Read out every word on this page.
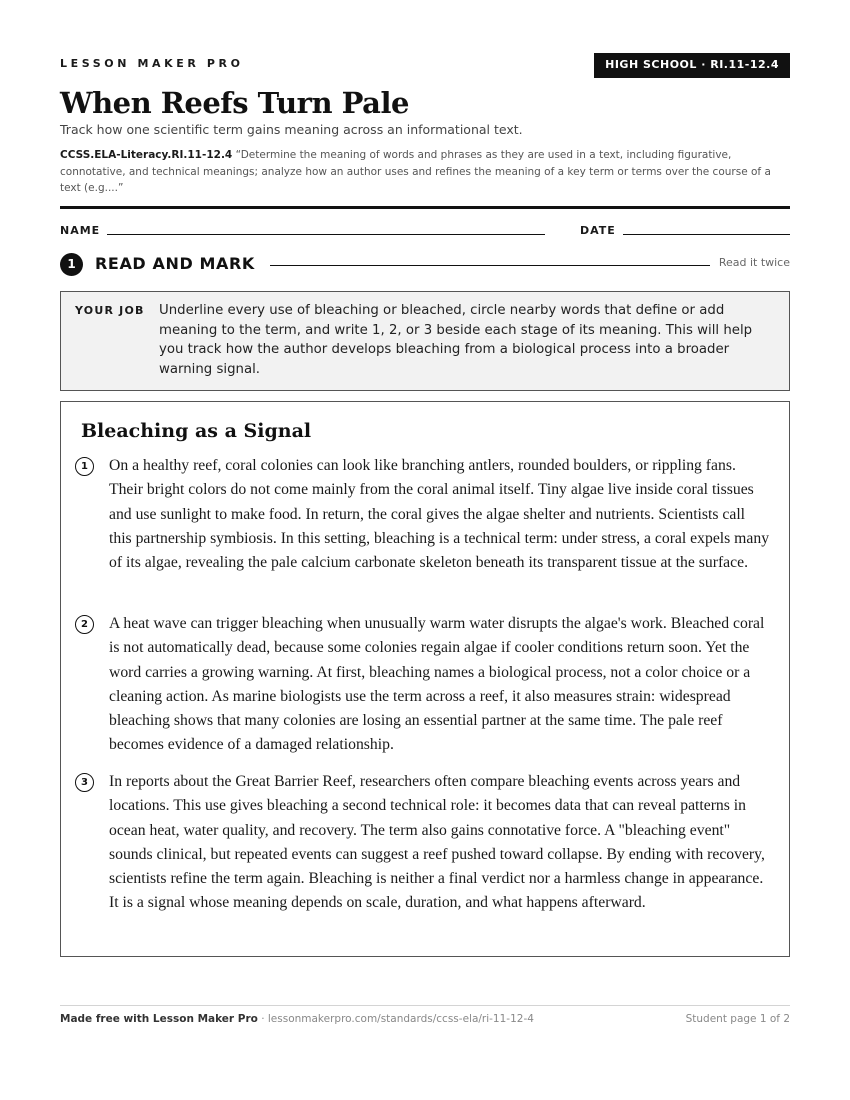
LESSON MAKER PRO	HIGH SCHOOL · RI.11-12.4
When Reefs Turn Pale
Track how one scientific term gains meaning across an informational text.
CCSS.ELA-Literacy.RI.11-12.4 “Determine the meaning of words and phrases as they are used in a text, including figurative, connotative, and technical meanings; analyze how an author uses and refines the meaning of a key term or terms over the course of a text (e.g....”
NAME	DATE
1	READ AND MARK	Read it twice
YOUR JOB Underline every use of bleaching or bleached, circle nearby words that define or add meaning to the term, and write 1, 2, or 3 beside each stage of its meaning. This will help you track how the author develops bleaching from a biological process into a broader warning signal.
Bleaching as a Signal
1	On a healthy reef, coral colonies can look like branching antlers, rounded boulders, or rippling fans. Their bright colors do not come mainly from the coral animal itself. Tiny algae live inside coral tissues and use sunlight to make food. In return, the coral gives the algae shelter and nutrients. Scientists call this partnership symbiosis. In this setting, bleaching is a technical term: under stress, a coral expels many of its algae, revealing the pale calcium carbonate skeleton beneath its transparent tissue at the surface.
2	A heat wave can trigger bleaching when unusually warm water disrupts the algae's work. Bleached coral is not automatically dead, because some colonies regain algae if cooler conditions return soon. Yet the word carries a growing warning. At first, bleaching names a biological process, not a color choice or a cleaning action. As marine biologists use the term across a reef, it also measures strain: widespread bleaching shows that many colonies are losing an essential partner at the same time. The pale reef becomes evidence of a damaged relationship.
3	In reports about the Great Barrier Reef, researchers often compare bleaching events across years and locations. This use gives bleaching a second technical role: it becomes data that can reveal patterns in ocean heat, water quality, and recovery. The term also gains connotative force. A "bleaching event" sounds clinical, but repeated events can suggest a reef pushed toward collapse. By ending with recovery, scientists refine the term again. Bleaching is neither a final verdict nor a harmless change in appearance. It is a signal whose meaning depends on scale, duration, and what happens afterward.
Made free with Lesson Maker Pro · lessonmakerpro.com/standards/ccss-ela/ri-11-12-4	Student page 1 of 2
